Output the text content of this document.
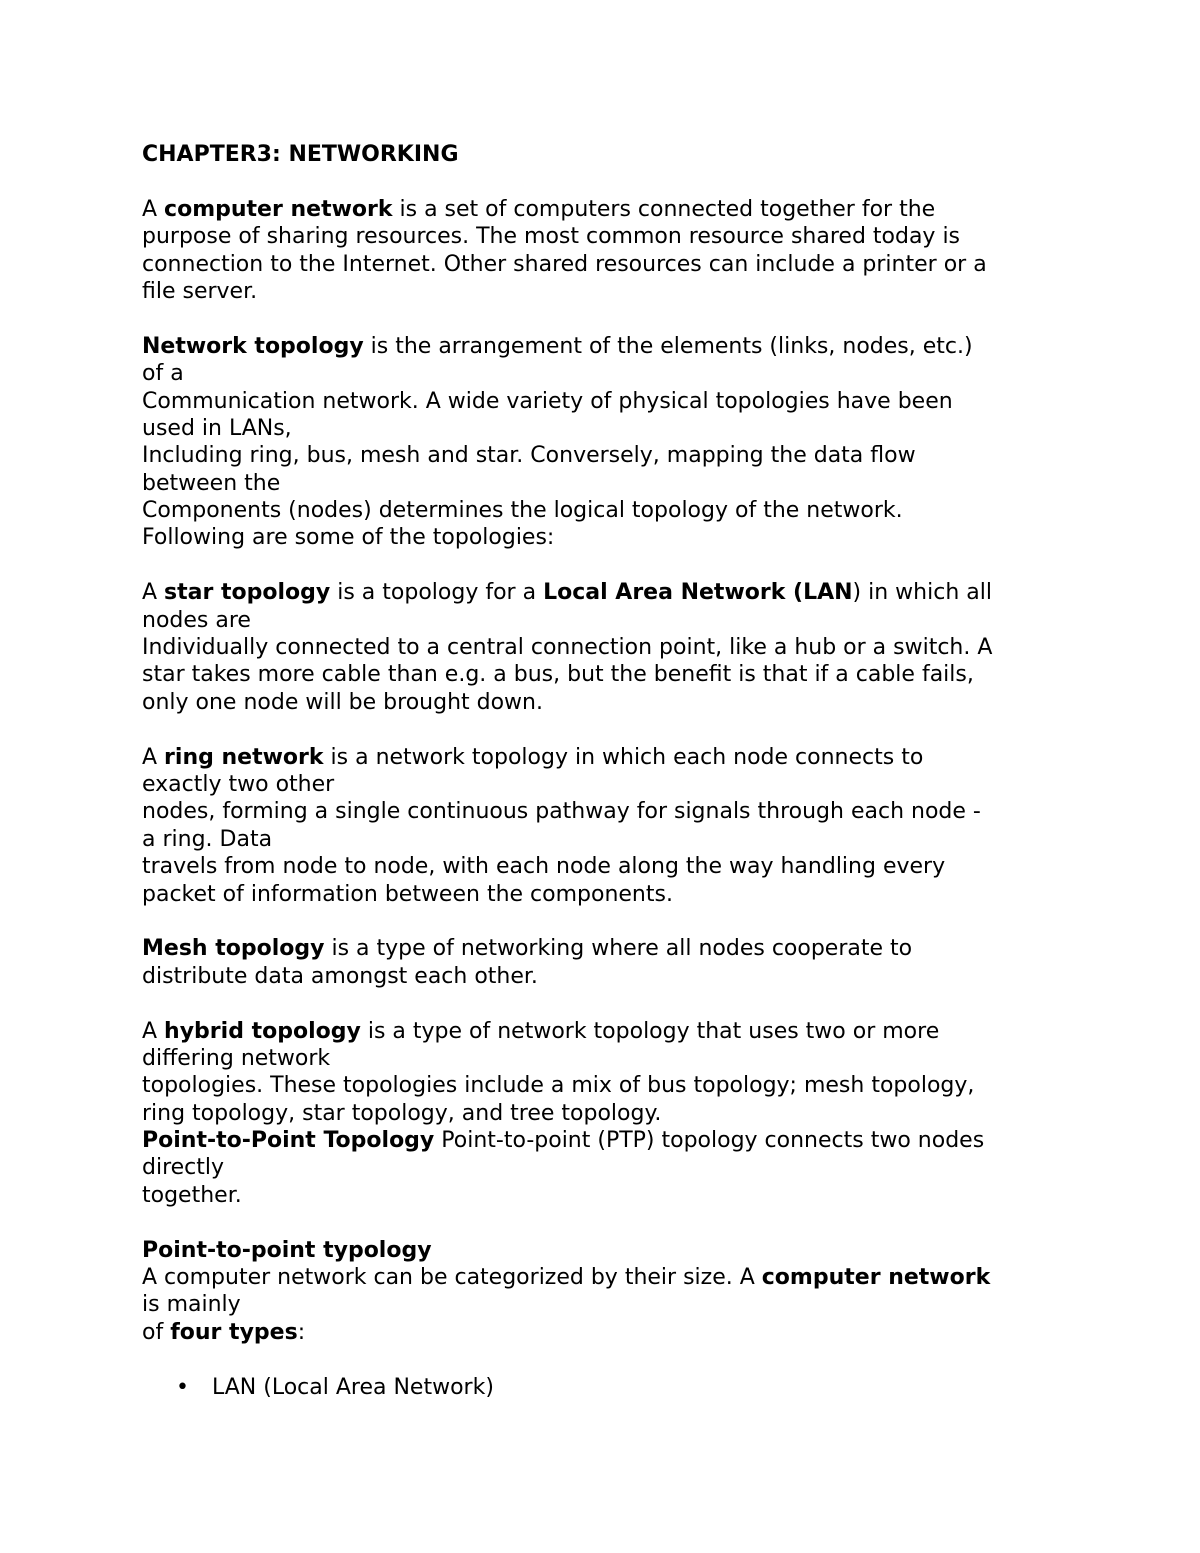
CHAPTER3: NETWORKING
A computer network is a set of computers connected together for the
purpose of sharing resources. The most common resource shared today is
connection to the Internet. Other shared resources can include a printer or a
file server.
Network topology is the arrangement of the elements (links, nodes, etc.)
of a
Communication network. A wide variety of physical topologies have been
used in LANs,
Including ring, bus, mesh and star. Conversely, mapping the data flow
between the
Components (nodes) determines the logical topology of the network.
Following are some of the topologies:
A star topology is a topology for a Local Area Network (LAN) in which all
nodes are
Individually connected to a central connection point, like a hub or a switch. A
star takes more cable than e.g. a bus, but the benefit is that if a cable fails,
only one node will be brought down.
A ring network is a network topology in which each node connects to
exactly two other
nodes, forming a single continuous pathway for signals through each node -
a ring. Data
travels from node to node, with each node along the way handling every
packet of information between the components.
Mesh topology is a type of networking where all nodes cooperate to
distribute data amongst each other.
A hybrid topology is a type of network topology that uses two or more
differing network
topologies. These topologies include a mix of bus topology; mesh topology,
ring topology, star topology, and tree topology.
Point-to-Point Topology Point-to-point (PTP) topology connects two nodes
directly
together.
Point-to-point typology
A computer network can be categorized by their size. A computer network
is mainly
of four types:
• LAN (Local Area Network)
